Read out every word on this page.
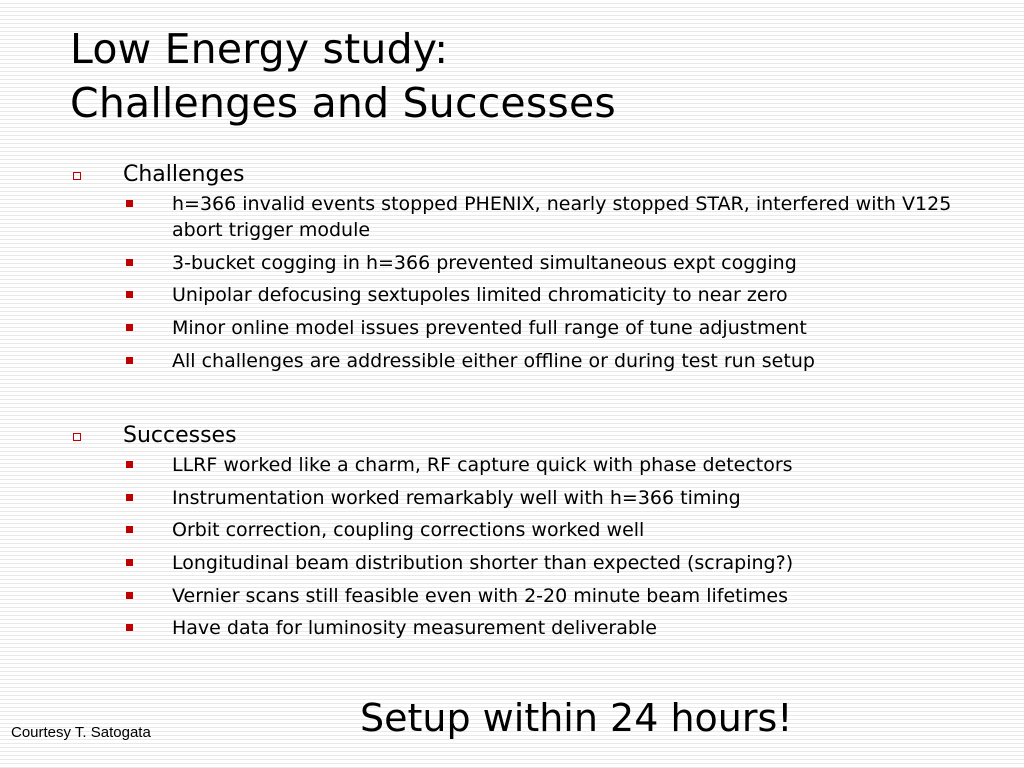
Low Energy study:
Challenges and Successes
Challenges
h=366 invalid events stopped PHENIX, nearly stopped STAR, interfered with V125 abort trigger module
3-bucket cogging in h=366 prevented simultaneous expt cogging
Unipolar defocusing sextupoles limited chromaticity to near zero
Minor online model issues prevented full range of tune adjustment
All challenges are addressible either offline or during test run setup
Successes
LLRF worked like a charm, RF capture quick with phase detectors
Instrumentation worked remarkably well with h=366 timing
Orbit correction, coupling corrections worked well
Longitudinal beam distribution shorter than expected (scraping?)
Vernier scans still feasible even with 2-20 minute beam lifetimes
Have data for luminosity measurement deliverable
Courtesy T. Satogata	Setup within 24 hours!
